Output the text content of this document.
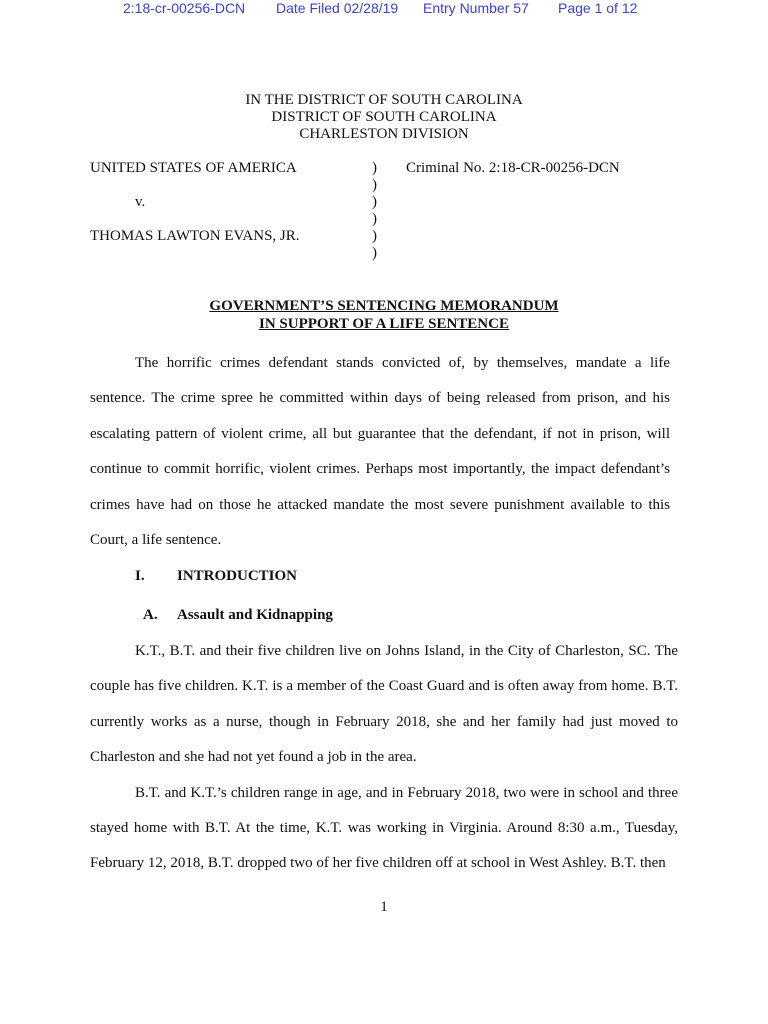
2:18-cr-00256-DCN Date Filed 02/28/19 Entry Number 57 Page 1 of 12
IN THE DISTRICT OF SOUTH CAROLINA
DISTRICT OF SOUTH CAROLINA
CHARLESTON DIVISION
UNITED STATES OF AMERICA
v.
THOMAS LAWTON EVANS, JR.
)
)
)
)
)
)
Criminal No. 2:18-CR-00256-DCN
GOVERNMENT’S SENTENCING MEMORANDUM
IN SUPPORT OF A LIFE SENTENCE

The horrific crimes defendant stands convicted of, by themselves, mandate a life sentence. The crime spree he committed within days of being released from prison, and his escalating pattern of violent crime, all but guarantee that the defendant, if not in prison, will continue to commit horrific, violent crimes. Perhaps most importantly, the impact defendant’s crimes have had on those he attacked mandate the most severe punishment available to this Court, a life sentence.

I. INTRODUCTION
A. Assault and Kidnapping

K.T., B.T. and their five children live on Johns Island, in the City of Charleston, SC. The couple has five children. K.T. is a member of the Coast Guard and is often away from home. B.T. currently works as a nurse, though in February 2018, she and her family had just moved to Charleston and she had not yet found a job in the area.

B.T. and K.T.’s children range in age, and in February 2018, two were in school and three stayed home with B.T. At the time, K.T. was working in Virginia. Around 8:30 a.m., Tuesday, February 12, 2018, B.T. dropped two of her five children off at school in West Ashley. B.T. then

1
